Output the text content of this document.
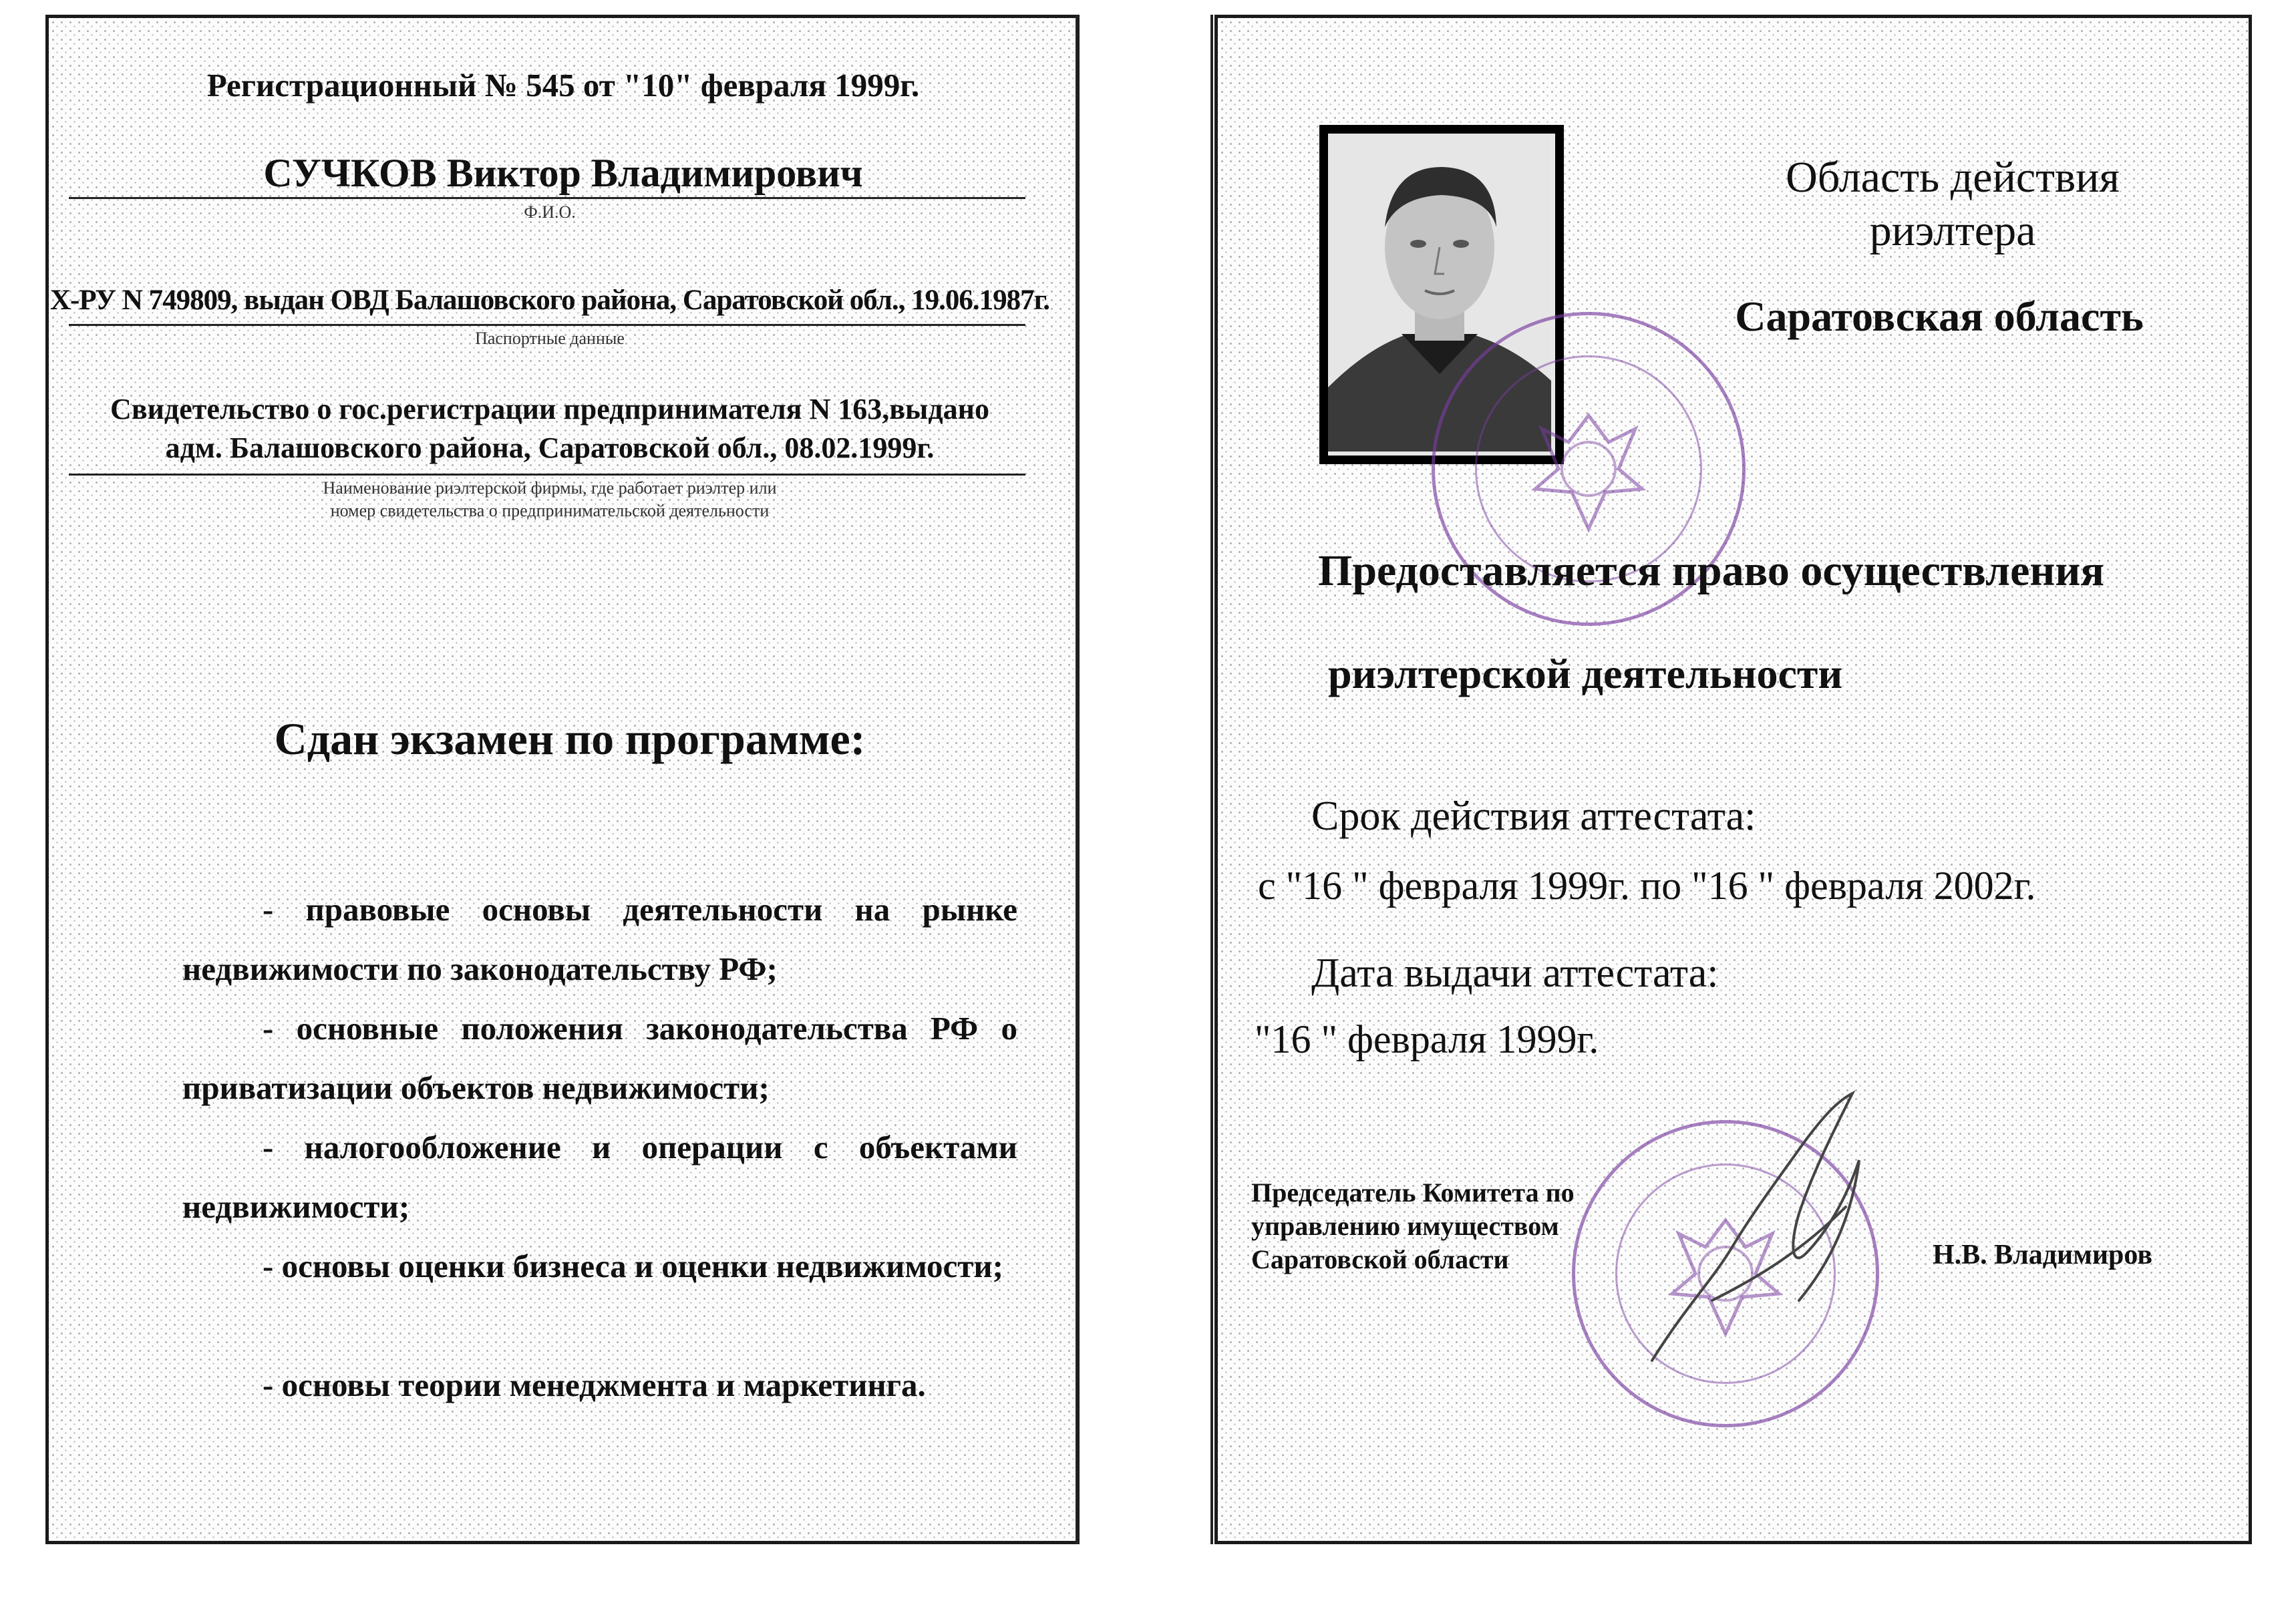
Регистрационный № 545 от "10" февраля 1999г.

СУЧКОВ Виктор Владимирович

Ф.И.О.

X-РУ N 749809, выдан ОВД Балашовского района, Саратовской обл., 19.06.1987г.

Паспортные данные

Свидетельство о гос.регистрации предпринимателя N 163,выдано

адм. Балашовского района, Саратовской обл., 08.02.1999г.

Наименование риэлтерской фирмы, где работает риэлтер или

номер свидетельства о предпринимательской деятельности

Сдан экзамен по программе:

- правовые основы деятельности на рынке недвижимости по законодательству РФ;
- основные положения законодательства РФ о приватизации объектов недвижимости;
- налогообложение и операции с объектами недвижимости;
- основы оценки бизнеса и оценки недвижимости;
- основы теории менеджмента и маркетинга.

Область действия

риэлтера

Саратовская область

Предоставляется право осуществления

риэлтерской деятельности

Срок действия аттестата:

с "16 " февраля 1999г. по "16 " февраля 2002г.

Дата выдачи аттестата:

"16 " февраля 1999г.

Председатель Комитета по

управлению имуществом

Саратовской области	Н.В. Владимиров
